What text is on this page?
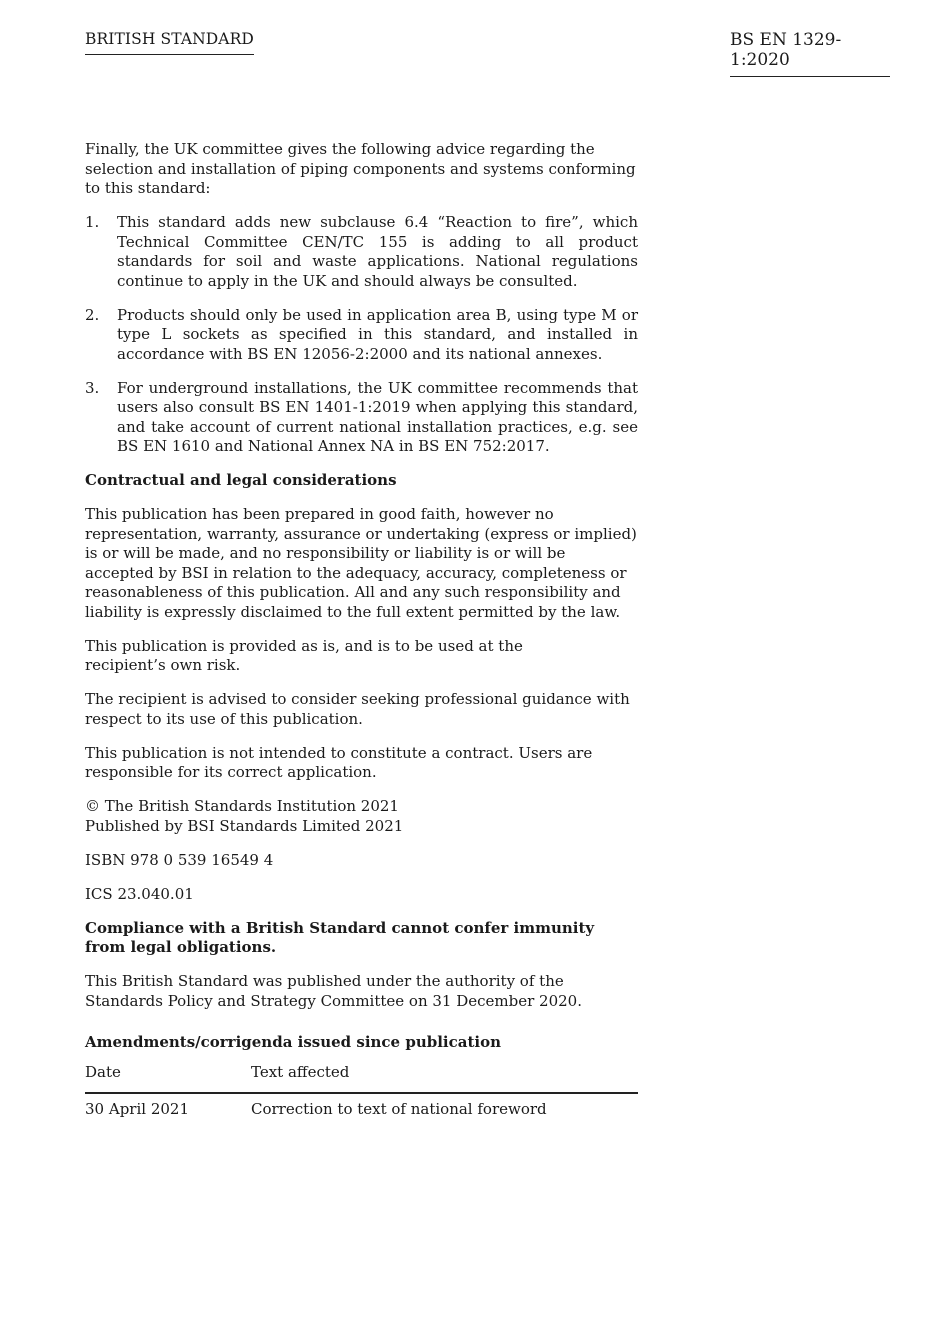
BRITISH STANDARD	BS EN 1329-1:2020

Finally, the UK committee gives the following advice regarding the selection and installation of piping components and systems conforming to this standard:

1.	This standard adds new subclause 6.4 “Reaction to fire”, which Technical Committee CEN/TC 155 is adding to all product standards for soil and waste applications. National regulations continue to apply in the UK and should always be consulted.
2.	Products should only be used in application area B, using type M or type L sockets as specified in this standard, and installed in accordance with BS EN 12056-2:2000 and its national annexes.
3.	For underground installations, the UK committee recommends that users also consult BS EN 1401-1:2019 when applying this standard, and take account of current national installation practices, e.g. see BS EN 1610 and National Annex NA in BS EN 752:2017.
Contractual and legal considerations

This publication has been prepared in good faith, however no representation, warranty, assurance or undertaking (express or implied) is or will be made, and no responsibility or liability is or will be accepted by BSI in relation to the adequacy, accuracy, completeness or reasonableness of this publication. All and any such responsibility and liability is expressly disclaimed to the full extent permitted by the law.

This publication is provided as is, and is to be used at the
recipient’s own risk.

The recipient is advised to consider seeking professional guidance with respect to its use of this publication.

This publication is not intended to constitute a contract. Users are responsible for its correct application.

© The British Standards Institution 2021
Published by BSI Standards Limited 2021

ISBN 978 0 539 16549 4

ICS 23.040.01

Compliance with a British Standard cannot confer immunity from legal obligations.

This British Standard was published under the authority of the
Standards Policy and Strategy Committee on 31 December 2020.

Amendments/corrigenda issued since publication
Date	Text affected
30 April 2021	Correction to text of national foreword
